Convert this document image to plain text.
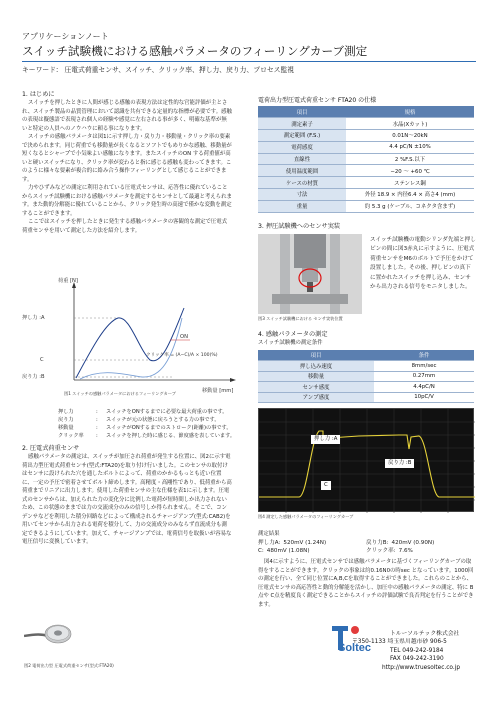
アプリケーションノート
スイッチ試験機における感触パラメータのフィーリングカーブ測定
キーワード: 圧電式荷重センサ、スイッチ、クリック率、押し力、戻り力、プロセス監視
1. はじめに
スイッチを押したときに人間が感じる感触の表現方法は定性的な官能評価が主とされ、スイッチ製品の品質管理において認識を共有できる定量的な指標が必要です。感触の表現は擬態語で表現され個人の経験や感覚に左右される事が多く、明確な基準が無いと特定の人員へのノウハウに頼る事になります。
スイッチの感触パラメータは図1に示す押し力・戻り力・移動量・クリック率の要素で決められます。同じ荷重でも移動量が長くなるとソフトでもめりかな感触、移動量が短くなるとシャープで小気味よい感触になります。またスイッチのON する荷重値が高いと硬いスイッチになり、クリック率が変わると指に感じる感触も変わってきます。このように様々な要素が複合的に絡み合う操作フィーリングとして感じることができます。
力やひずみなどの測定に利用されている圧電式センサは、応答性に優れていることからスイッチ試験機における感触パラメータを測定するセンサとして最適と考えられます。また動的分解能に優れていることから、クリック発生時の高速で僅かな変動を測定することができます。
ここではスイッチを押したときに発生する感触パラメータの客観的な測定で圧電式荷重センサを用いて測定した方法を紹介します。
荷重 [N]
押し力 :A
C
戻り力 :B
ON
クリック率 = (A−C)/A × 100(%)
移動量 [mm]
図1 スイッチの感触パラメータにおけるフィーリングカーブ
押し力	:	スイッチをONするまでに必要な最大荷重の事です。
戻り力	:	スイッチが元の状態に戻ろうとする力の事です。
移動量	:	スイッチがONするまでのストローク(距離)の事です。
クリック率	:	スイッチを押した時に感じる、節度感を表しています。
2. 圧電式荷重センサ
感触パラメータの測定は、スイッチが加圧され荷重が発生する位置に、図2に示す電荷出力型圧電式荷重センサ(型式:FTA20)を取り付け行いました。このセンサの取付けはセンサに設けられた穴を通したボルトによって、荷重のかかるもっとも近い位置に、一定の予圧で密着させてボルト締めします。高精度・高剛性であり、低荷重から高荷重までリニアに出力します。使用した荷重センサの主な仕様を表1に示します。圧電式のセンサからは、加えられた力の変化分に比例した電荷が短時間しか出力されないため、この状態のままでは力の交流成分のみの信号しか得られません。そこで、コンデンサなどを利用した積分回路などによって構成されるチャージアンプ(型式:CAB2)を用いてセンサから出力される電荷を積分して、力の交流成分のみならず直流成分も測定できるようにしています。加えて、チャージアンプでは、電荷信号を取扱いが容易な電圧信号に変換しています。
図2 電荷出力型 圧電式荷重センサ(型式:FTA20)
電荷出力型圧電式荷重センサ FTA20 の仕様
項目	規格
測定素子	水晶(Xカット)
測定範囲 (F.S.)	0.01N〜20kN
電荷感度	4.4 pC/N ±10%
直線性	2 %F.S.以下
使用温度範囲	−20 〜 +60 ℃
ケースの材質	ステンレス鋼
寸法	外径 18.9 × 内径6.4 × 高さ4 (mm)
重量	約 5.3 g (ケーブル、コネクタ含まず)
3. 押圧試験機へのセンサ実装
図3 スイッチ試験機における センサ実装位置
スイッチ試験機の電動シリンダ先端と押しピンの間に図3赤丸に示すように、圧電式荷重センサをM6のボルトで予圧をかけて設置しました。その後、押しピンの真下に置かれたスイッチを押し込み、センサから出力される信号をモニタしました。
4. 感触パラメータの測定
スイッチ試験機の測定条件
項目	条件
押し込み速度	8mm/sec
移動量	0.27mm
センサ感度	4.4pC/N
アンプ感度	10pC/V
押し力 :A
戻り力 :B
C
図4 測定した感触パラメータのフィーリングカーブ
測定結果
押し力A: 520mV (1.24N)	戻り力B: 420mV (0.90N)
C: 480mV (1.08N)	クリック率: 7.6%
図4に示すように、圧電式センサでは感触パラメータに基づくフィーリングカーブの取得をすることができます。クリックの事象は約0.16N0の時sec となっています。1000回の測定を行い、全て同じ位置にA,B,Cを取得することができました。これらのことから、圧電式センサの高応答性と動的分解能を活かし、加圧中の感触パラメータの測定、特に B点や C点を精度良く測定できることからスイッチの評価試験で良否判定を行うことができます。
Soltec
トルーソルテック株式会社
〒350-1133 埼玉県川越市砂 906-5
TEL 049-242-9184
FAX 049-242-3190
http://www.truesoltec.co.jp
